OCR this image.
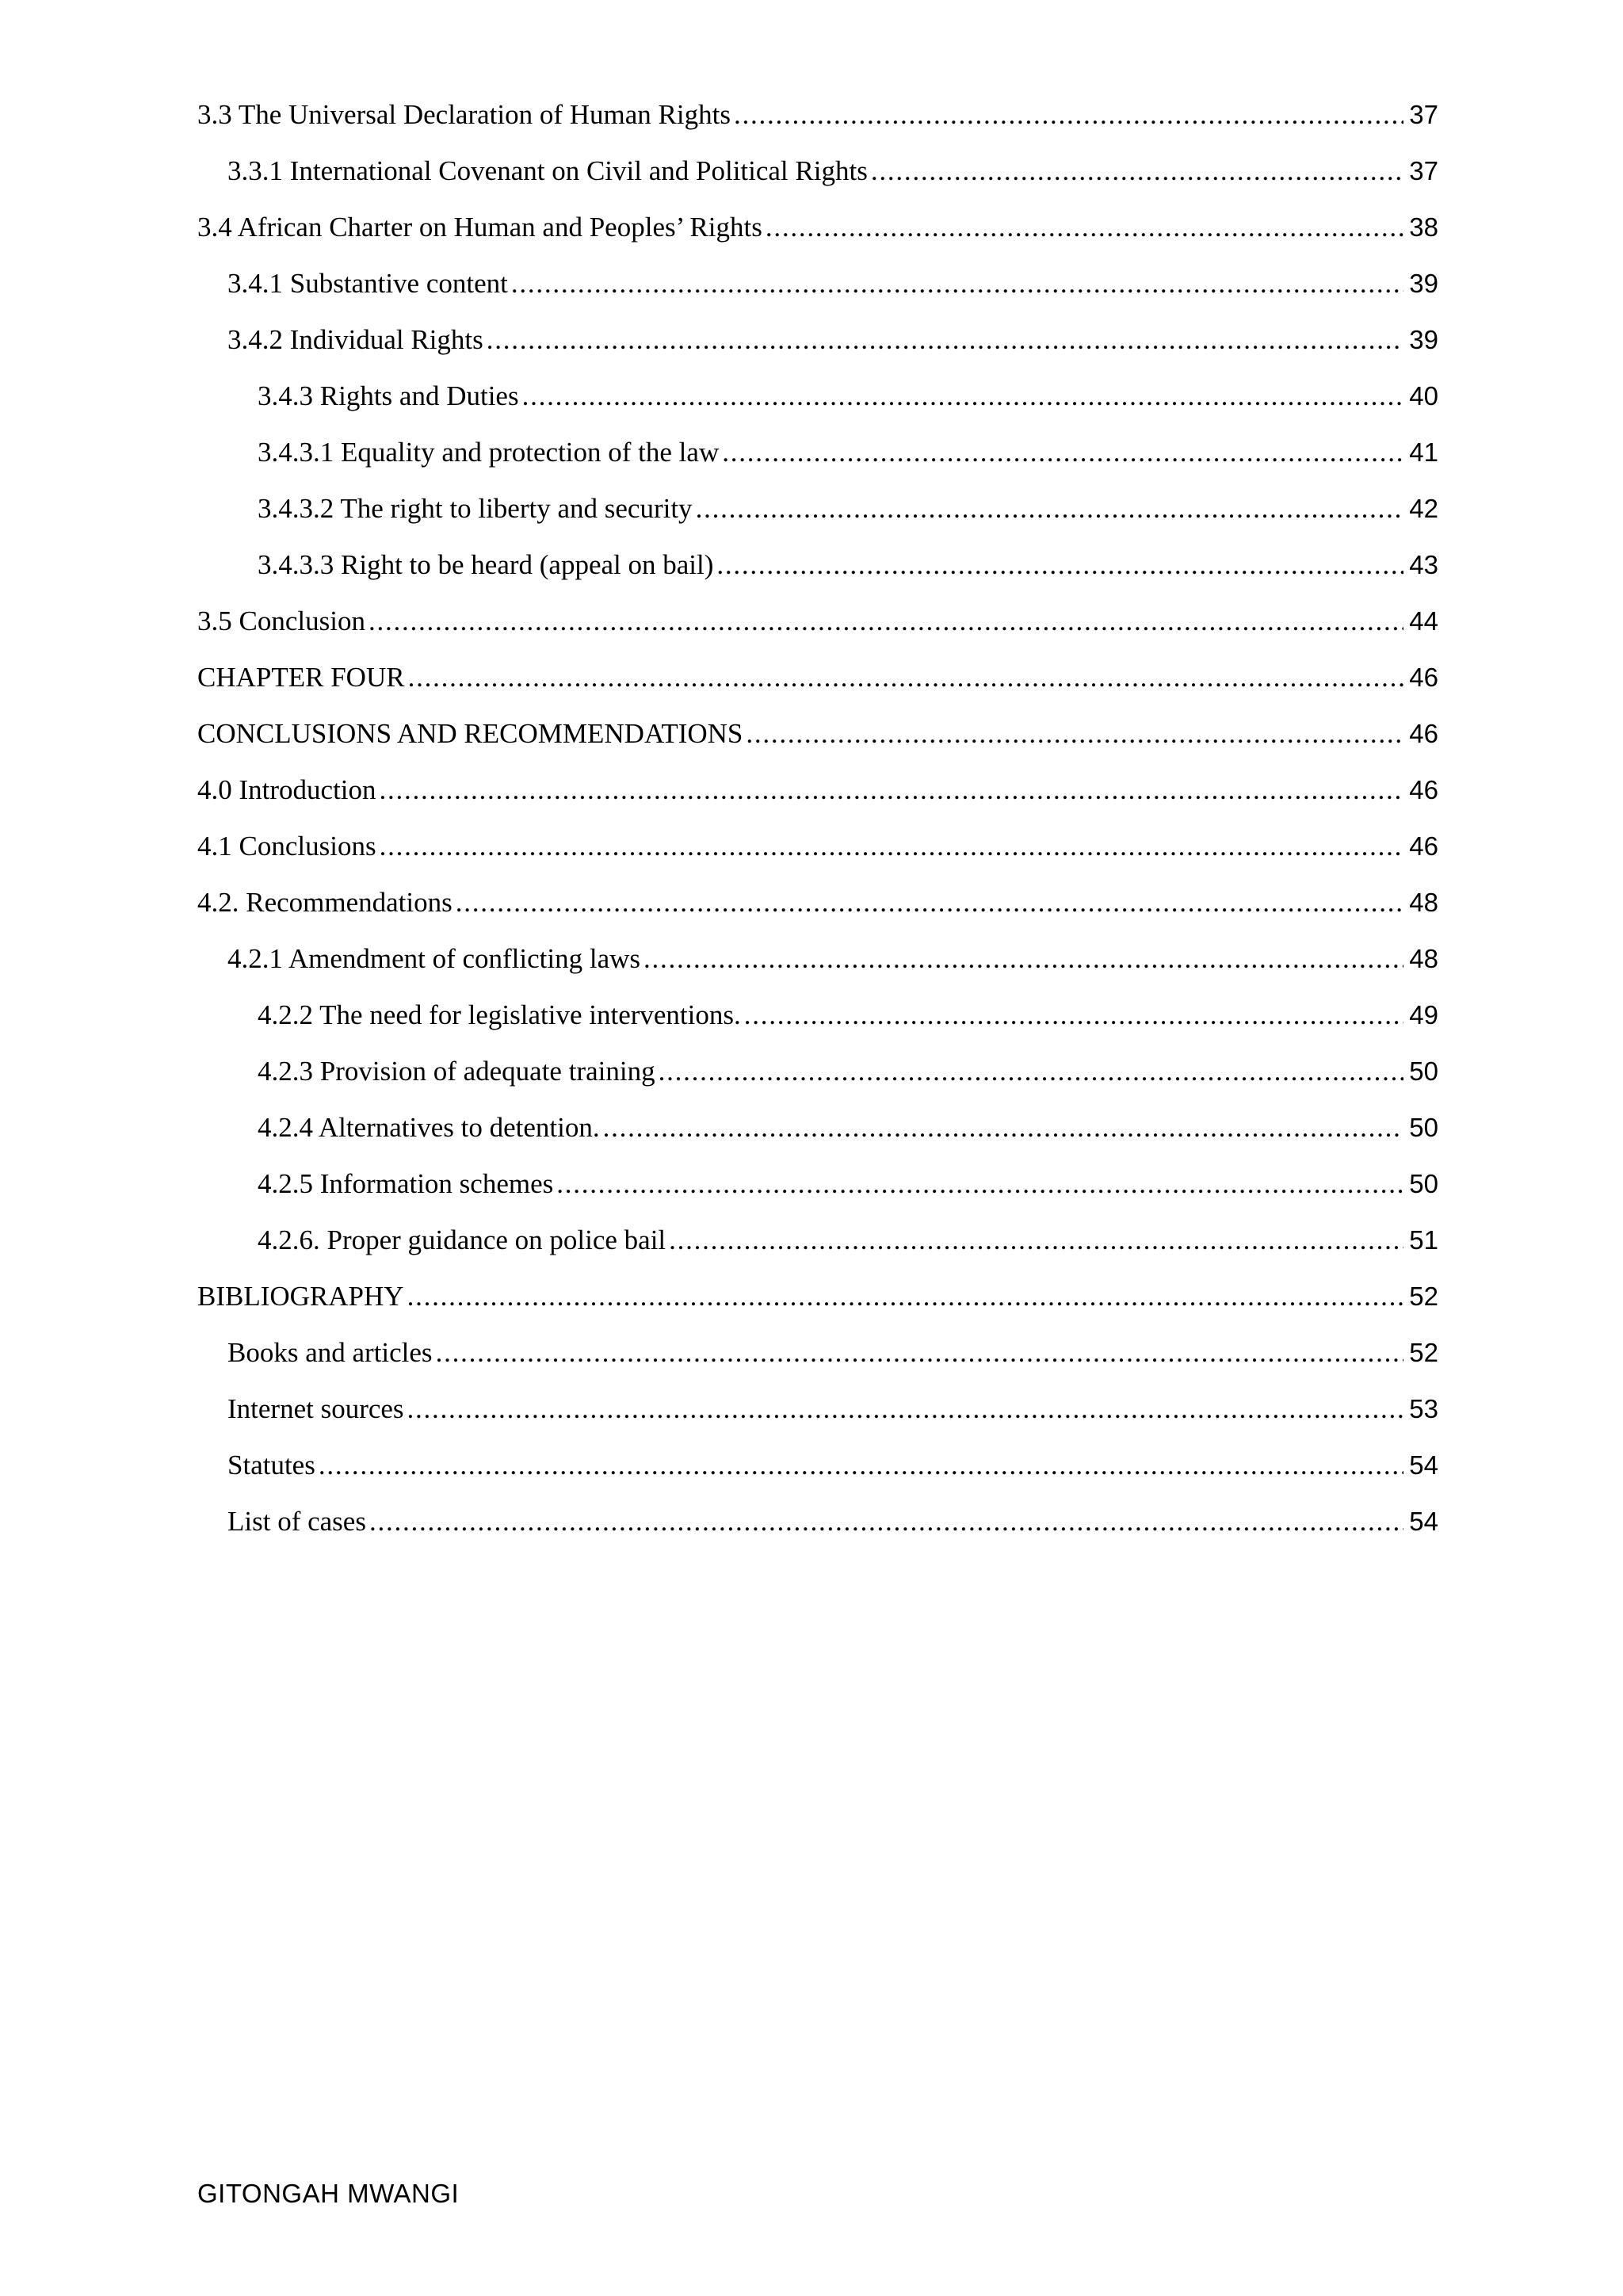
3.3 The Universal Declaration of Human Rights . . .	37
3.3.1 International Covenant on Civil and Political Rights . . .	37
3.4 African Charter on Human and Peoples’ Rights . . .	38
3.4.1 Substantive content . . .	39
3.4.2 Individual Rights . . .	39
3.4.3 Rights and Duties . . .	40
3.4.3.1 Equality and protection of the law . . .	41
3.4.3.2 The right to liberty and security . . .	42
3.4.3.3 Right to be heard (appeal on bail) . . .	43
3.5 Conclusion . . .	44
CHAPTER FOUR . . .	46
CONCLUSIONS AND RECOMMENDATIONS . . .	46
4.0 Introduction . . .	46
4.1 Conclusions . . .	46
4.2. Recommendations . . .	48
4.2.1 Amendment of conflicting laws . . .	48
4.2.2 The need for legislative interventions. . . .	49
4.2.3 Provision of adequate training . . .	50
4.2.4 Alternatives to detention. . . .	50
4.2.5 Information schemes . . .	50
4.2.6. Proper guidance on police bail . . .	51
BIBLIOGRAPHY . . .	52
Books and articles . . .	52
Internet sources . . .	53
Statutes . . .	54
List of cases . . .	54
GITONGAH MWANGI
